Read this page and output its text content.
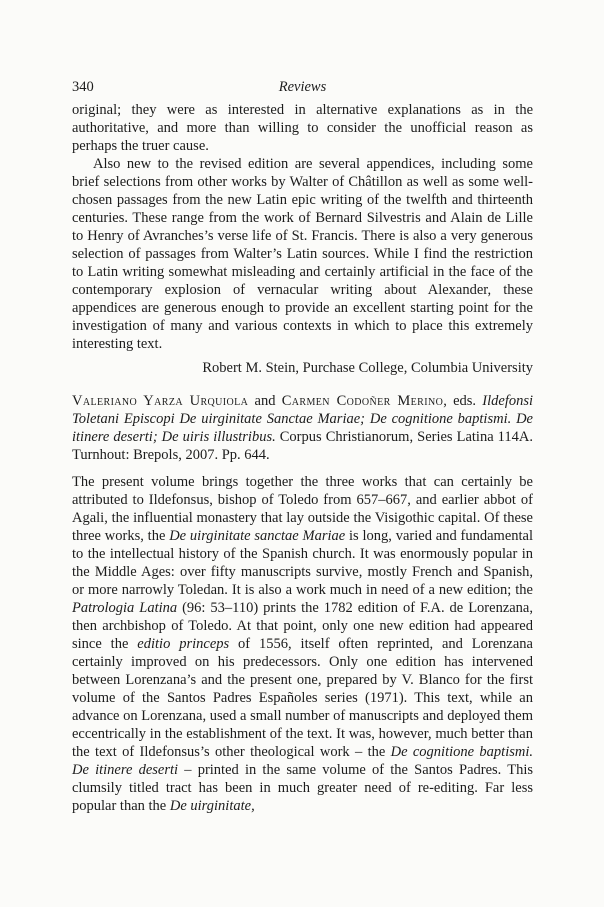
340	Reviews

original; they were as interested in alternative explanations as in the authoritative, and more than willing to consider the unofficial reason as perhaps the truer cause.

Also new to the revised edition are several appendices, including some brief selections from other works by Walter of Châtillon as well as some well-chosen passages from the new Latin epic writing of the twelfth and thirteenth centuries. These range from the work of Bernard Silvestris and Alain de Lille to Henry of Avranches’s verse life of St. Francis. There is also a very generous selection of passages from Walter’s Latin sources. While I find the restriction to Latin writing somewhat misleading and certainly artificial in the face of the contemporary explosion of vernacular writing about Alexander, these appendices are generous enough to provide an excellent starting point for the investigation of many and various contexts in which to place this extremely interesting text.

Robert M. Stein, Purchase College, Columbia University

Valeriano Yarza Urquiola and Carmen Codoñer Merino, eds. Ildefonsi Toletani Episcopi De uirginitate Sanctae Mariae; De cognitione baptismi. De itinere deserti; De uiris illustribus. Corpus Christianorum, Series Latina 114A. Turnhout: Brepols, 2007. Pp. 644.

The present volume brings together the three works that can certainly be attributed to Ildefonsus, bishop of Toledo from 657–667, and earlier abbot of Agali, the influential monastery that lay outside the Visigothic capital. Of these three works, the De uirginitate sanctae Mariae is long, varied and fundamental to the intellectual history of the Spanish church. It was enormously popular in the Middle Ages: over fifty manuscripts survive, mostly French and Spanish, or more narrowly Toledan. It is also a work much in need of a new edition; the Patrologia Latina (96: 53–110) prints the 1782 edition of F.A. de Lorenzana, then archbishop of Toledo. At that point, only one new edition had appeared since the editio princeps of 1556, itself often reprinted, and Lorenzana certainly improved on his predecessors. Only one edition has intervened between Lorenzana’s and the present one, prepared by V. Blanco for the first volume of the Santos Padres Españoles series (1971). This text, while an advance on Lorenzana, used a small number of manuscripts and deployed them eccentrically in the establishment of the text. It was, however, much better than the text of Ildefonsus’s other theological work – the De cognitione baptismi. De itinere deserti – printed in the same volume of the Santos Padres. This clumsily titled tract has been in much greater need of re-editing. Far less popular than the De uirginitate,
